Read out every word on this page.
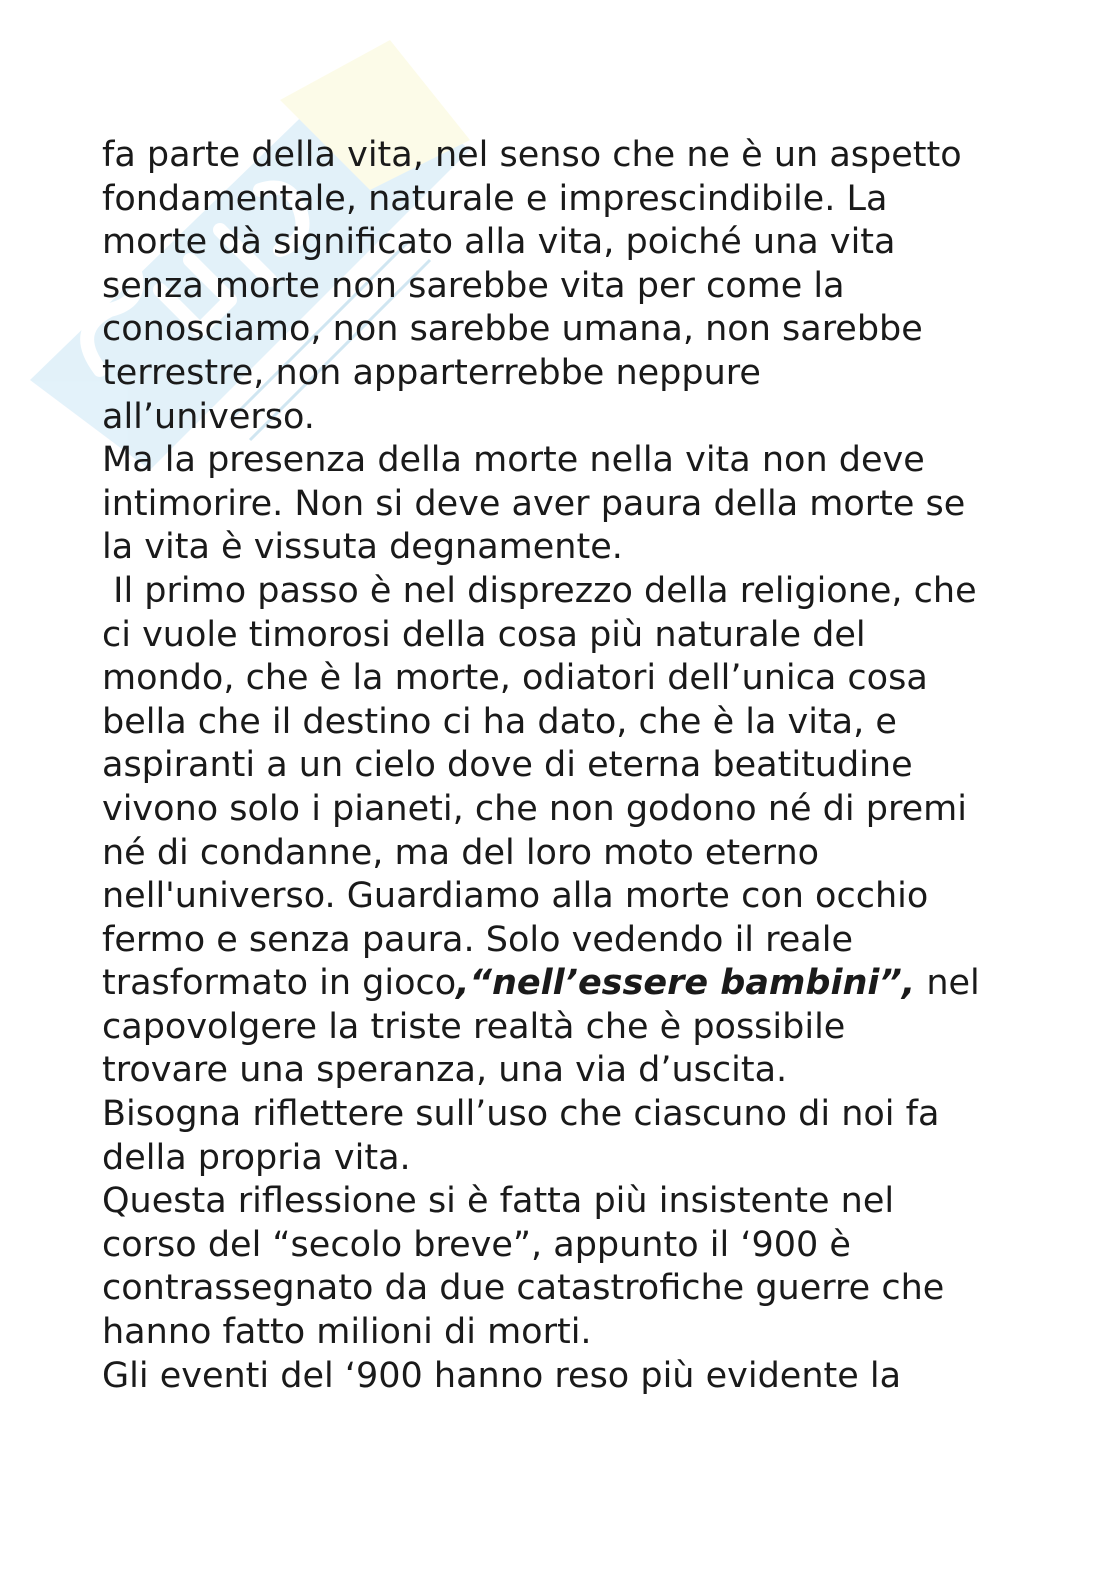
fa parte della vita, nel senso che ne è un aspetto
fondamentale, naturale e imprescindibile. La
morte dà significato alla vita, poiché una vita
senza morte non sarebbe vita per come la
conosciamo, non sarebbe umana, non sarebbe
terrestre, non apparterrebbe neppure
all’universo.
Ma la presenza della morte nella vita non deve
intimorire. Non si deve aver paura della morte se
la vita è vissuta degnamente.
Il primo passo è nel disprezzo della religione, che
ci vuole timorosi della cosa più naturale del
mondo, che è la morte, odiatori dell’unica cosa
bella che il destino ci ha dato, che è la vita, e
aspiranti a un cielo dove di eterna beatitudine
vivono solo i pianeti, che non godono né di premi
né di condanne, ma del loro moto eterno
nell'universo. Guardiamo alla morte con occhio
fermo e senza paura. Solo vedendo il reale
trasformato in gioco,“nell’essere bambini”, nel
capovolgere la triste realtà che è possibile
trovare una speranza, una via d’uscita.
Bisogna riflettere sull’uso che ciascuno di noi fa
della propria vita.
Questa riflessione si è fatta più insistente nel
corso del “secolo breve”, appunto il ‘900 è
contrassegnato da due catastrofiche guerre che
hanno fatto milioni di morti.
Gli eventi del ‘900 hanno reso più evidente la
